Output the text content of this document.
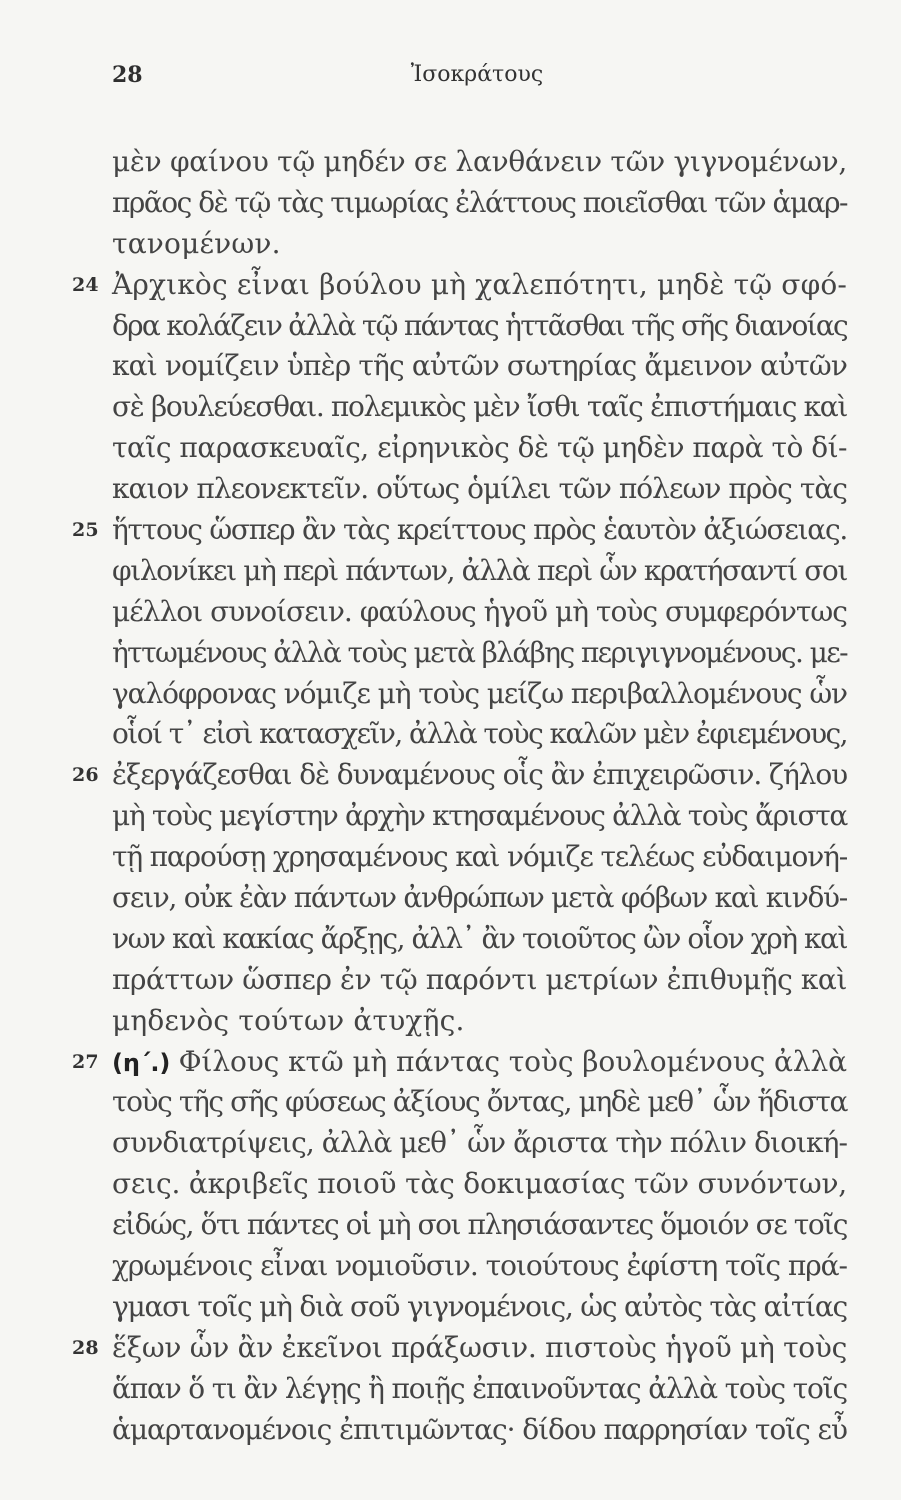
28	Ἰσοκράτους
μὲν φαίνου τῷ μηδέν σε λανθάνειν τῶν γιγνομένων,
πρᾶος δὲ τῷ τὰς τιμωρίας ἐλάττους ποιεῖσθαι τῶν ἁμαρ-
τανομένων.
24 Ἀρχικὸς εἶναι βούλου μὴ χαλεπότητι, μηδὲ τῷ σφό-
δρα κολάζειν ἀλλὰ τῷ πάντας ἡττᾶσθαι τῆς σῆς διανοίας
καὶ νομίζειν ὑπὲρ τῆς αὐτῶν σωτηρίας ἄμεινον αὐτῶν
σὲ βουλεύεσθαι. πολεμικὸς μὲν ἴσθι ταῖς ἐπιστήμαις καὶ
ταῖς παρασκευαῖς, εἰρηνικὸς δὲ τῷ μηδὲν παρὰ τὸ δί-
καιον πλεονεκτεῖν. οὕτως ὁμίλει τῶν πόλεων πρὸς τὰς
25 ἥττους ὥσπερ ἂν τὰς κρείττους πρὸς ἑαυτὸν ἀξιώσειας.
φιλονίκει μὴ περὶ πάντων, ἀλλὰ περὶ ὧν κρατήσαντί σοι
μέλλοι συνοίσειν. φαύλους ἡγοῦ μὴ τοὺς συμφερόντως
ἡττωμένους ἀλλὰ τοὺς μετὰ βλάβης περιγιγνομένους. με-
γαλόφρονας νόμιζε μὴ τοὺς μείζω περιβαλλομένους ὧν
οἷοί τ᾽ εἰσὶ κατασχεῖν, ἀλλὰ τοὺς καλῶν μὲν ἐφιεμένους,
26 ἐξεργάζεσθαι δὲ δυναμένους οἷς ἂν ἐπιχειρῶσιν. ζήλου
μὴ τοὺς μεγίστην ἀρχὴν κτησαμένους ἀλλὰ τοὺς ἄριστα
τῇ παρούσῃ χρησαμένους καὶ νόμιζε τελέως εὐδαιμονή-
σειν, οὐκ ἐὰν πάντων ἀνθρώπων μετὰ φόβων καὶ κινδύ-
νων καὶ κακίας ἄρξῃς, ἀλλ᾽ ἂν τοιοῦτος ὢν οἷον χρὴ καὶ
πράττων ὥσπερ ἐν τῷ παρόντι μετρίων ἐπιθυμῇς καὶ
μηδενὸς τούτων ἀτυχῇς.
27 (η΄.) Φίλους κτῶ μὴ πάντας τοὺς βουλομένους ἀλλὰ
τοὺς τῆς σῆς φύσεως ἀξίους ὄντας, μηδὲ μεθ᾽ ὧν ἥδιστα
συνδιατρίψεις, ἀλλὰ μεθ᾽ ὧν ἄριστα τὴν πόλιν διοική-
σεις. ἀκριβεῖς ποιοῦ τὰς δοκιμασίας τῶν συνόντων,
εἰδώς, ὅτι πάντες οἱ μὴ σοι πλησιάσαντες ὅμοιόν σε τοῖς
χρωμένοις εἶναι νομιοῦσιν. τοιούτους ἐφίστη τοῖς πρά-
γμασι τοῖς μὴ διὰ σοῦ γιγνομένοις, ὡς αὐτὸς τὰς αἰτίας
28 ἕξων ὧν ἂν ἐκεῖνοι πράξωσιν. πιστοὺς ἡγοῦ μὴ τοὺς
ἅπαν ὅ τι ἂν λέγῃς ἢ ποιῇς ἐπαινοῦντας ἀλλὰ τοὺς τοῖς
ἁμαρτανομένοις ἐπιτιμῶντας· δίδου παρρησίαν τοῖς εὖ
